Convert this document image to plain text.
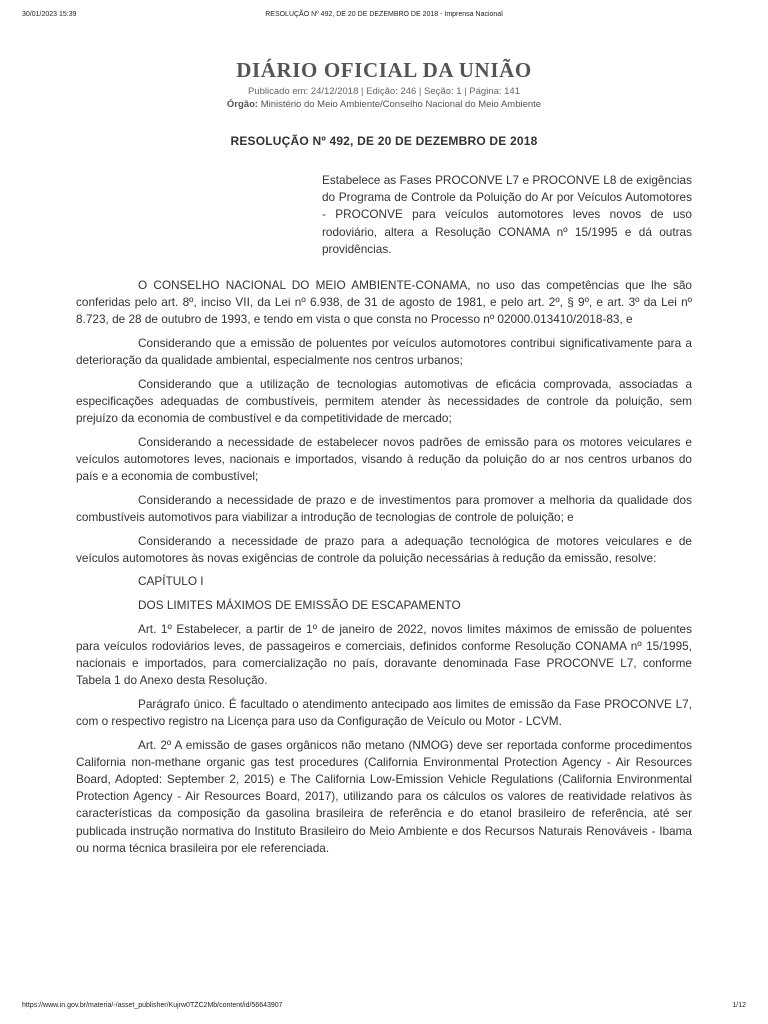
30/01/2023 15:39	RESOLUÇÃO Nº 492, DE 20 DE DEZEMBRO DE 2018 - Imprensa Nacional
DIÁRIO OFICIAL DA UNIÃO
Publicado em: 24/12/2018 | Edição: 246 | Seção: 1 | Página: 141
Órgão: Ministério do Meio Ambiente/Conselho Nacional do Meio Ambiente
RESOLUÇÃO Nº 492, DE 20 DE DEZEMBRO DE 2018
Estabelece as Fases PROCONVE L7 e PROCONVE L8 de exigências do Programa de Controle da Poluição do Ar por Veículos Automotores - PROCONVE para veículos automotores leves novos de uso rodoviário, altera a Resolução CONAMA nº 15/1995 e dá outras providências.

O CONSELHO NACIONAL DO MEIO AMBIENTE-CONAMA, no uso das competências que lhe são conferidas pelo art. 8º, inciso VII, da Lei nº 6.938, de 31 de agosto de 1981, e pelo art. 2º, § 9º, e art. 3º da Lei nº 8.723, de 28 de outubro de 1993, e tendo em vista o que consta no Processo nº 02000.013410/2018-83, e

Considerando que a emissão de poluentes por veículos automotores contribui significativamente para a deterioração da qualidade ambiental, especialmente nos centros urbanos;

Considerando que a utilização de tecnologias automotivas de eficácia comprovada, associadas a especificações adequadas de combustíveis, permitem atender às necessidades de controle da poluição, sem prejuízo da economia de combustível e da competitividade de mercado;

Considerando a necessidade de estabelecer novos padrões de emissão para os motores veiculares e veículos automotores leves, nacionais e importados, visando à redução da poluição do ar nos centros urbanos do país e a economia de combustível;

Considerando a necessidade de prazo e de investimentos para promover a melhoria da qualidade dos combustíveis automotivos para viabilizar a introdução de tecnologias de controle de poluição; e

Considerando a necessidade de prazo para a adequação tecnológica de motores veiculares e de veículos automotores às novas exigências de controle da poluição necessárias à redução da emissão, resolve:

CAPÍTULO I

DOS LIMITES MÁXIMOS DE EMISSÃO DE ESCAPAMENTO

Art. 1º Estabelecer, a partir de 1º de janeiro de 2022, novos limites máximos de emissão de poluentes para veículos rodoviários leves, de passageiros e comerciais, definidos conforme Resolução CONAMA nº 15/1995, nacionais e importados, para comercialização no país, doravante denominada Fase PROCONVE L7, conforme Tabela 1 do Anexo desta Resolução.

Parágrafo único. É facultado o atendimento antecipado aos limites de emissão da Fase PROCONVE L7, com o respectivo registro na Licença para uso da Configuração de Veículo ou Motor - LCVM.

Art. 2º A emissão de gases orgânicos não metano (NMOG) deve ser reportada conforme procedimentos California non-methane organic gas test procedures (California Environmental Protection Agency - Air Resources Board, Adopted: September 2, 2015) e The California Low-Emission Vehicle Regulations (California Environmental Protection Agency - Air Resources Board, 2017), utilizando para os cálculos os valores de reatividade relativos às características da composição da gasolina brasileira de referência e do etanol brasileiro de referência, até ser publicada instrução normativa do Instituto Brasileiro do Meio Ambiente e dos Recursos Naturais Renováveis - Ibama ou norma técnica brasileira por ele referenciada.

https://www.in.gov.br/materia/-/asset_publisher/Kujrw0TZC2Mb/content/id/56643907	1/12
